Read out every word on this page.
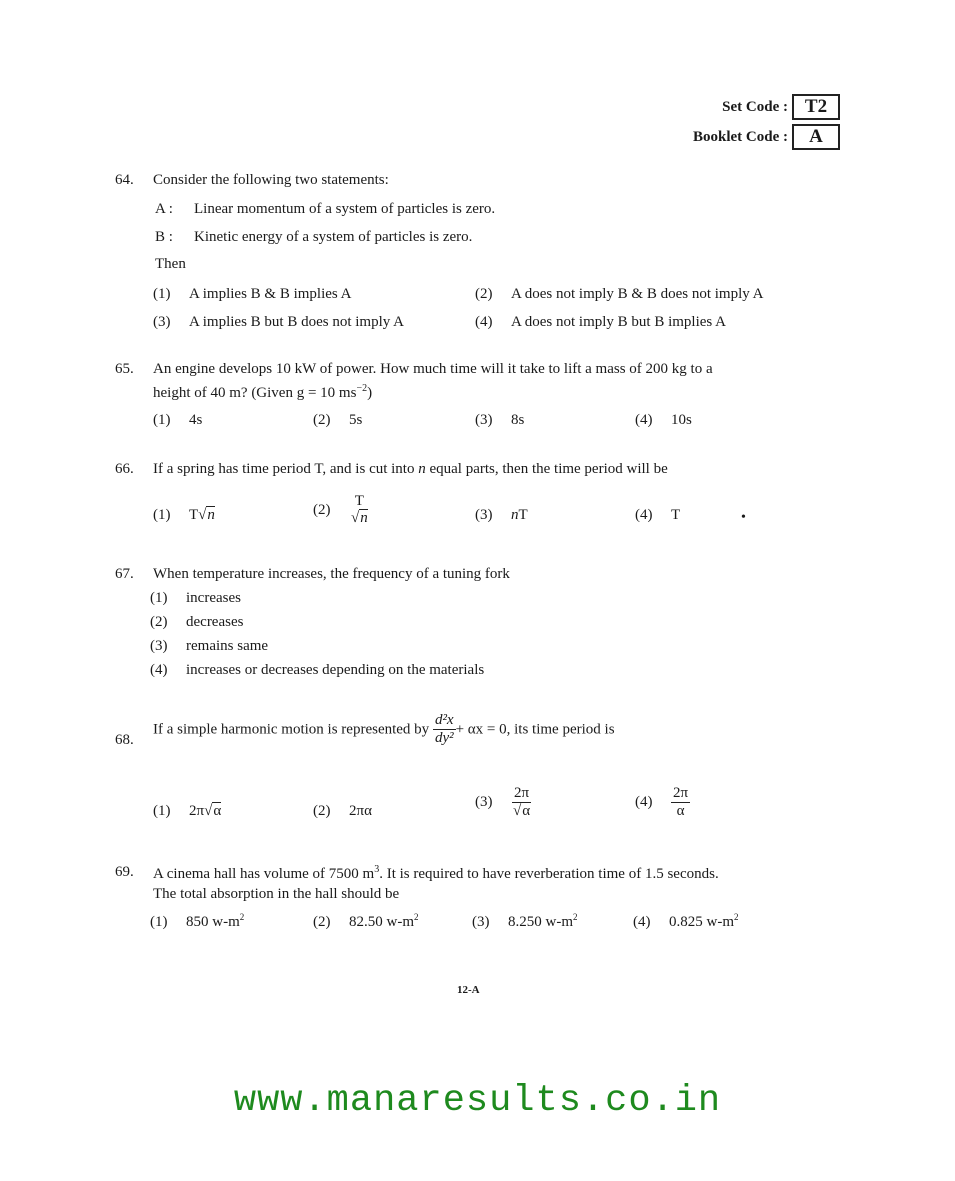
Set Code : T2
Booklet Code :	A
64. Consider the following two statements:
A : Linear momentum of a system of particles is zero.
B : Kinetic energy of a system of particles is zero.
Then
(1) A implies B & B implies A	(2) A does not imply B & B does not imply A
(3) A implies B but B does not imply A	(4) A does not imply B but B implies A
65. An engine develops 10 kW of power. How much time will it take to lift a mass of 200 kg to a
height of 40 m? (Given g = 10 $ms^{-2}$)
(1) 4s	(2) 5s	(3) 8s	(4) 10s
66. If a spring has time period T, and is cut into n equal parts, then the time period will be
(1) T√n	(2)
T
√n	(3) nT	(4) T	•
67. When temperature increases, the frequency of a tuning fork
(1) increases
(2) decreases
(3) remains same
(4) increases or decreases depending on the materials
68.
If a simple harmonic motion is represented by $\frac{\text{d²x}}{\text{dy²}} + \alpha x = 0$, its time period is
(1) 2π√α	(2) 2πα
$(3) \frac{2\pi}{√\alpha}$	$(4) \frac{2\pi}{\alpha}$
69. A cinema hall has volume of 7500 $m^3$. It is required to have reverberation time of 1.5 seconds.
The total absorption in the hall should be
(1) 850 $w-m^2$	(2) 82.50 $w-m^2$	(3) 8.250 $w-m^2$	(4) 0.825 $w-m^2$
12-A
www.manaresults.co.in
